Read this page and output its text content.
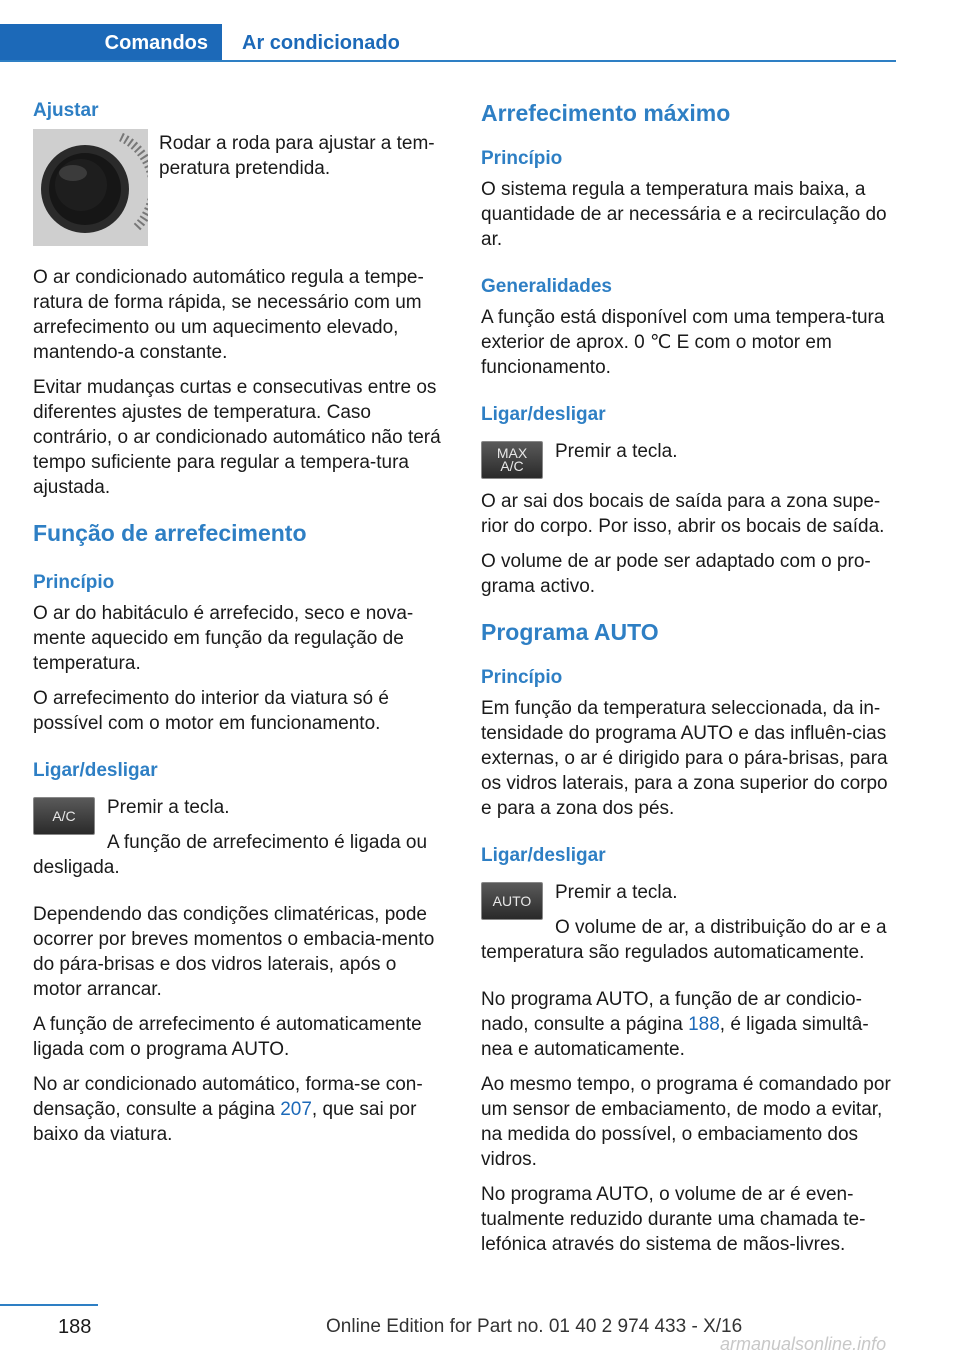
Comandos	Ar condicionado
Ajustar
Rodar a roda para ajustar a tem-peratura pretendida.

O ar condicionado automático regula a tempe-ratura de forma rápida, se necessário com um arrefecimento ou um aquecimento elevado, mantendo-a constante.

Evitar mudanças curtas e consecutivas entre os diferentes ajustes de temperatura. Caso contrário, o ar condicionado automático não terá tempo suficiente para regular a tempera-tura ajustada.

Função de arrefecimento
Princípio

O ar do habitáculo é arrefecido, seco e nova-mente aquecido em função da regulação de temperatura.

O arrefecimento do interior da viatura só é possível com o motor em funcionamento.

Ligar/desligar
A/C	Premir a tecla.

A função de arrefecimento é ligada ou

desligada.

Dependendo das condições climatéricas, pode ocorrer por breves momentos o embacia-mento do pára-brisas e dos vidros laterais, após o motor arrancar.

A função de arrefecimento é automaticamente ligada com o programa AUTO.

No ar condicionado automático, forma-se con-densação, consulte a página 207, que sai por baixo da viatura.

Arrefecimento máximo
Princípio

O sistema regula a temperatura mais baixa, a quantidade de ar necessária e a recirculação do ar.

Generalidades

A função está disponível com uma tempera-tura exterior de aprox. 0 ℃ E com o motor em funcionamento.

Ligar/desligar
MAX
A/C

Premir a tecla.

O ar sai dos bocais de saída para a zona supe-rior do corpo. Por isso, abrir os bocais de saída.

O volume de ar pode ser adaptado com o pro-grama activo.

Programa AUTO
Princípio

Em função da temperatura seleccionada, da in-tensidade do programa AUTO e das influên-cias externas, o ar é dirigido para o pára-brisas, para os vidros laterais, para a zona superior do corpo e para a zona dos pés.

Ligar/desligar
AUTO	Premir a tecla.

O volume de ar, a distribuição do ar e a

temperatura são regulados automaticamente.

No programa AUTO, a função de ar condicio-nado, consulte a página 188, é ligada simultâ-nea e automaticamente.

Ao mesmo tempo, o programa é comandado por um sensor de embaciamento, de modo a evitar, na medida do possível, o embaciamento dos vidros.

No programa AUTO, o volume de ar é even-tualmente reduzido durante uma chamada te-lefónica através do sistema de mãos-livres.

188	Online Edition for Part no. 01 40 2 974 433 - X/16
armanualsonline.info
